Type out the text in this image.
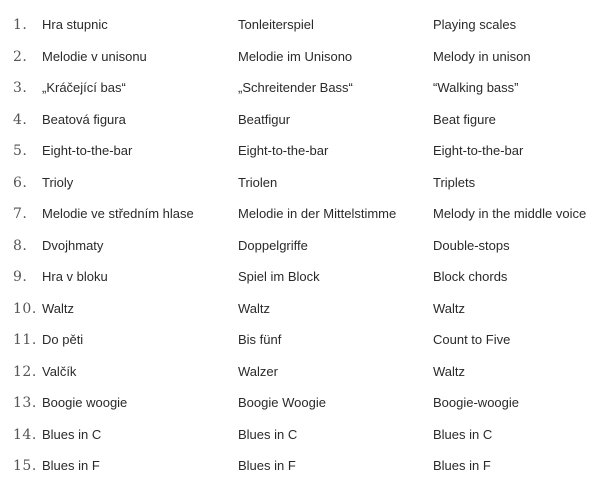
1.	Hra stupnic	Tonleiterspiel	Playing scales
2.	Melodie v unisonu	Melodie im Unisono	Melody in unison
3.	„Kráčející bas“	„Schreitender Bass“	“Walking bass”
4.	Beatová figura	Beatfigur	Beat figure
5.	Eight-to-the-bar	Eight-to-the-bar	Eight-to-the-bar
6.	Trioly	Triolen	Triplets
7.	Melodie ve středním hlase	Melodie in der Mittelstimme	Melody in the middle voice
8.	Dvojhmaty	Doppelgriffe	Double-stops
9.	Hra v bloku	Spiel im Block	Block chords
10. Waltz	Waltz	Waltz
11. Do pěti	Bis fünf	Count to Five
12. Valčík	Walzer	Waltz
13. Boogie woogie	Boogie Woogie	Boogie-woogie
14. Blues in C	Blues in C	Blues in C
15. Blues in F	Blues in F	Blues in F
